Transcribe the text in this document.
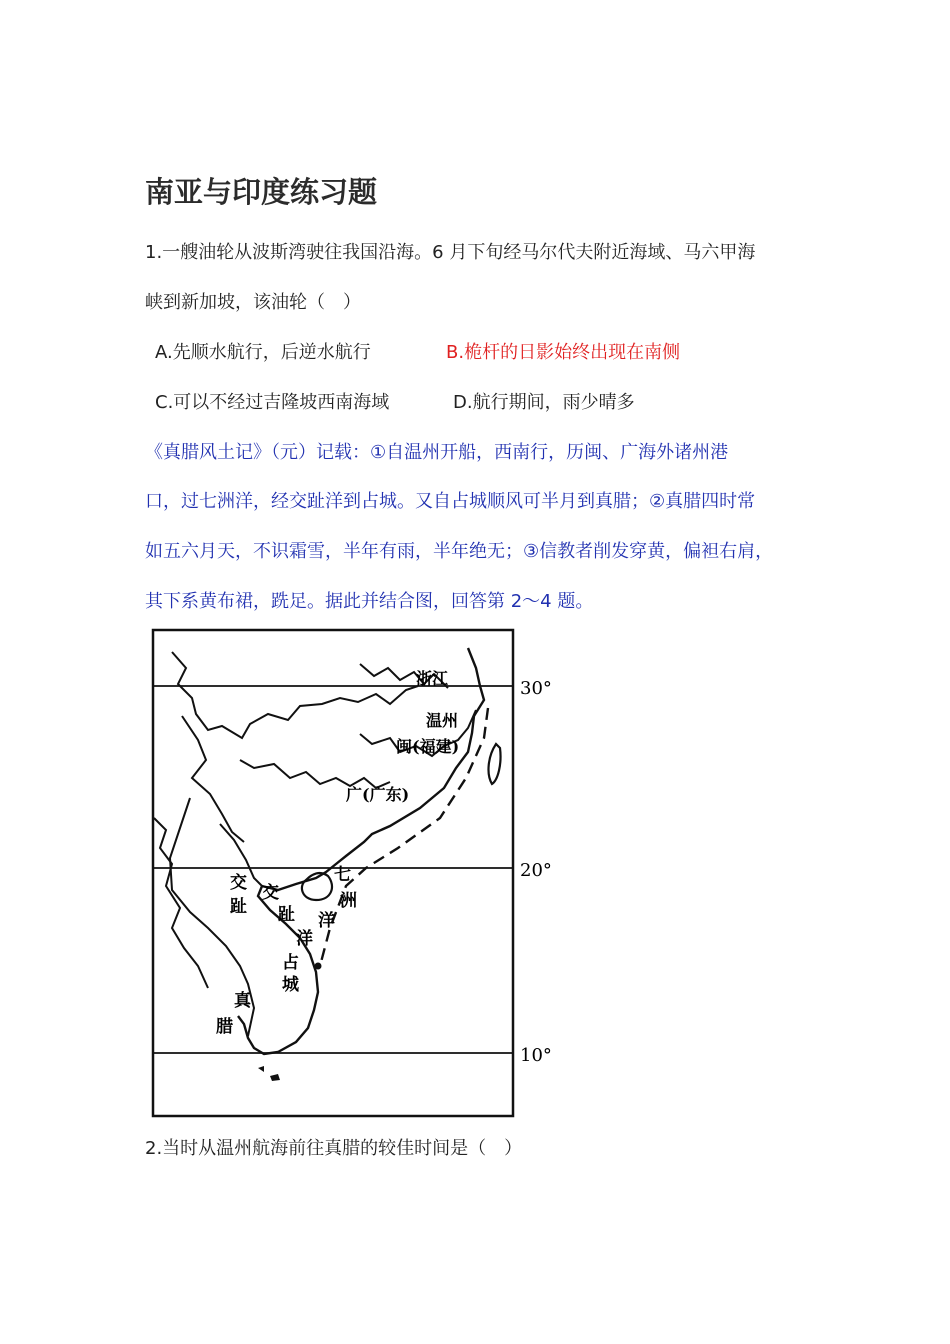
南亚与印度练习题
1.一艘油轮从波斯湾驶往我国沿海。6 月下旬经马尔代夫附近海域、马六甲海
峡到新加坡，该油轮（　）
A.先顺水航行，后逆水航行	B.桅杆的日影始终出现在南侧
C.可以不经过吉隆坡西南海域	D.航行期间，雨少晴多
《真腊风土记》（元）记载：①自温州开船，西南行，历闽、广海外诸州港
口，过七洲洋，经交趾洋到占城。又自占城顺风可半月到真腊；②真腊四时常
如五六月天，不识霜雪，半年有雨，半年绝无；③信教者削发穿黄，偏袒右肩，
其下系黄布裙，跣足。据此并结合图，回答第 2～4 题。
30°
20°
10°
浙江
温州
闽(福建)
广(广东)
交
趾
交
趾
洋
七
洲
洋
占
城
真
腊
2.当时从温州航海前往真腊的较佳时间是（　）
